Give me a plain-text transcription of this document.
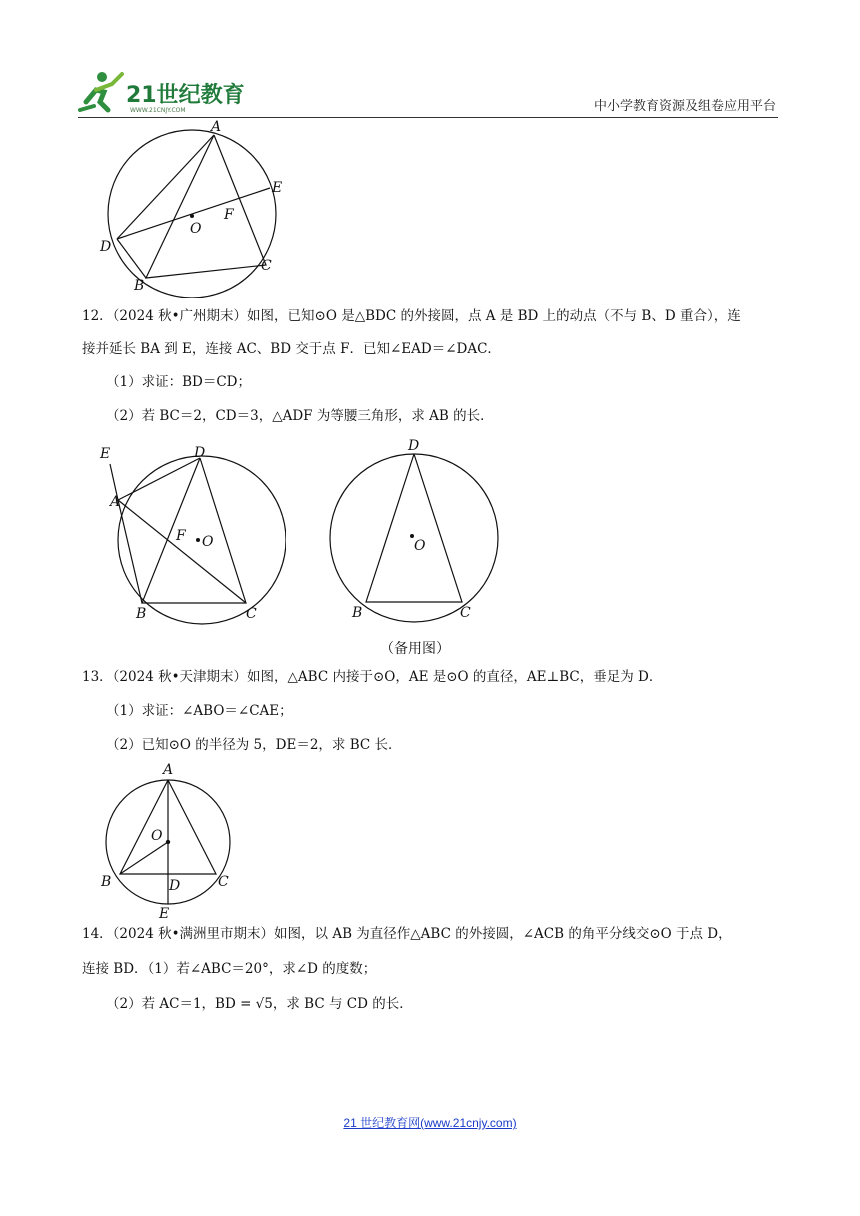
21世纪教育
WWW.21CNJY.COM	中小学教育资源及组卷应用平台
A
E
F
O
D
C
B
12．（2024 秋•广州期末）如图，已知⊙O 是△BDC 的外接圆，点 A 是 BD 上的动点（不与 B、D 重合），连
接并延长 BA 到 E，连接 AC、BD 交于点 F．已知∠EAD＝∠DAC．
（1）求证：BD＝CD；
（2）若 BC＝2，CD＝3，△ADF 为等腰三角形，求 AB 的长．
E	D
A
F O
B	C
D
O
B	C
（备用图）
13．（2024 秋•天津期末）如图，△ABC 内接于⊙O，AE 是⊙O 的直径，AE⊥BC，垂足为 D．
（1）求证：∠ABO＝∠CAE；
（2）已知⊙O 的半径为 5，DE＝2，求 BC 长．
A
O
B	D	C
E
14．（2024 秋•满洲里市期末）如图，以 AB 为直径作△ABC 的外接圆，∠ACB 的角平分线交⊙O 于点 D，
连接 BD．（1）若∠ABC＝20°，求∠D 的度数；
（2）若 AC＝1，BD = √5，求 BC 与 CD 的长．
21 世纪教育网(www.21cnjy.com)
